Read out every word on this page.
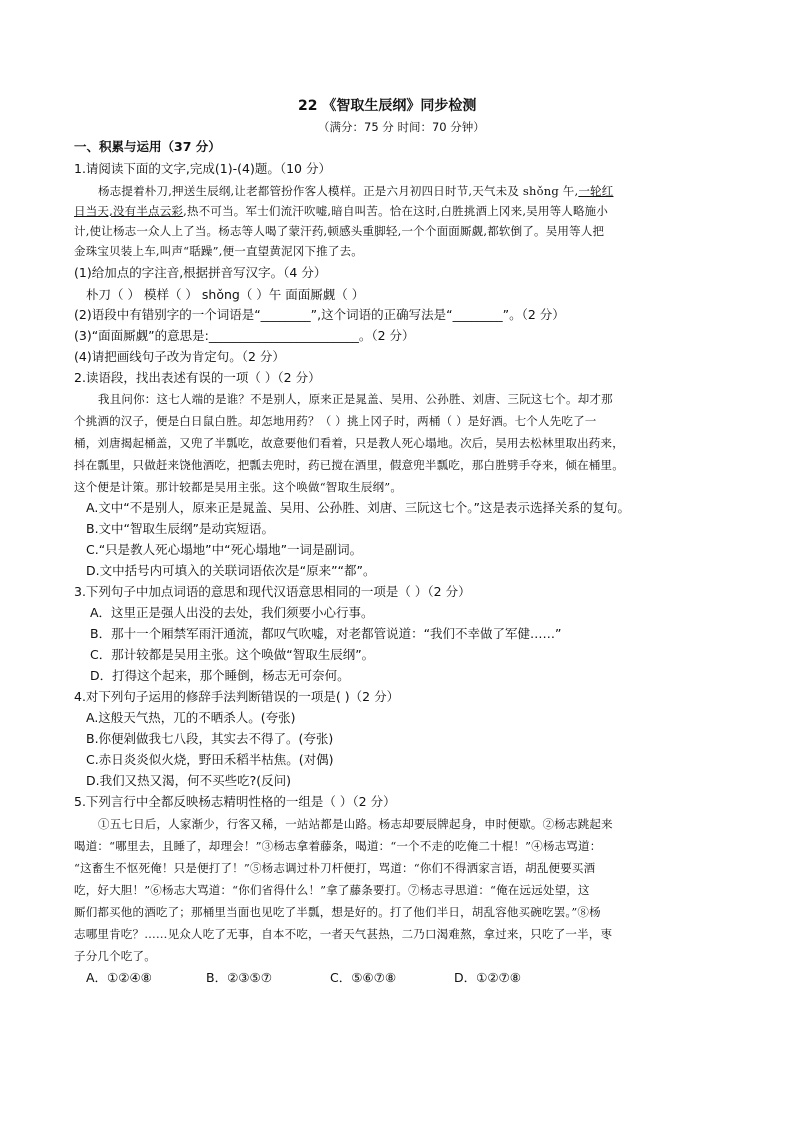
22 《智取生辰纲》同步检测
（满分：75 分 时间：70 分钟）
一、积累与运用（37 分）
1.请阅读下面的文字,完成(1)-(4)题。（10 分）
杨志提着朴刀,押送生辰纲,让老都管扮作客人模样。正是六月初四日时节,天气未及 shǒng 午,一轮红
日当天,没有半点云彩,热不可当。军士们流汗吹嘘,暗自叫苦。恰在这时,白胜挑酒上冈来,吴用等人略施小
计,使让杨志一众人上了当。杨志等人喝了蒙汗药,顿感头重脚轻,一个个面面厮觑,都软倒了。吴用等人把
金珠宝贝装上车,叫声“聒躁”,便一直望黄泥冈下推了去。
(1)给加点的字注音,根据拼音写汉字。（4 分）
朴刀（ ） 模样（ ） shǒng（ ）午 面面厮觑（ ）
(2)语段中有错别字的一个词语是“________”,这个词语的正确写法是“________”。（2 分）
(3)“面面厮觑”的意思是:________________________。（2 分）
(4)请把画线句子改为肯定句。（2 分）
2.读语段，找出表述有误的一项（ ）（2 分）
我且问你：这七人端的是谁？不是别人，原来正是晁盖、吴用、公孙胜、刘唐、三阮这七个。却才那
个挑酒的汉子，便是白日鼠白胜。却怎地用药？（ ）挑上冈子时，两桶（ ）是好酒。七个人先吃了一
桶，刘唐揭起桶盖，又兜了半瓢吃，故意要他们看着，只是教人死心塌地。次后，吴用去松林里取出药来，
抖在瓢里，只做赶来饶他酒吃，把瓢去兜时，药已搅在酒里，假意兜半瓢吃，那白胜劈手夺来，倾在桶里。
这个便是计策。那计较都是吴用主张。这个唤做“智取生辰纲”。
A.文中“不是别人，原来正是晁盖、吴用、公孙胜、刘唐、三阮这七个。”这是表示选择关系的复句。
B.文中“智取生辰纲”是动宾短语。
C.“只是教人死心塌地”中“死心塌地”一词是副词。
D.文中括号内可填入的关联词语依次是“原来”“都”。
3.下列句子中加点词语的意思和现代汉语意思相同的一项是（ ）（2 分）
A．这里正是强人出没的去处，我们须要小心行事。
B．那十一个厢禁军雨汗通流，都叹气吹嘘，对老都管说道：“我们不幸做了军健……”
C．那计较都是吴用主张。这个唤做“智取生辰纲”。
D．打得这个起来，那个睡倒，杨志无可奈何。
4.对下列句子运用的修辞手法判断错误的一项是( )（2 分）
A.这般天气热，兀的不晒杀人。(夸张)
B.你便剁做我七八段，其实去不得了。(夸张)
C.赤日炎炎似火烧，野田禾稻半枯焦。(对偶)
D.我们又热又渴，何不买些吃?(反问)
5.下列言行中全都反映杨志精明性格的一组是（ ）（2 分）
①五七日后，人家渐少，行客又稀，一站站都是山路。杨志却要辰牌起身，申时便歇。②杨志跳起来
喝道：“哪里去，且睡了，却理会！”③杨志拿着藤条，喝道：“一个不走的吃俺二十棍！”④杨志骂道：
“这畜生不怄死俺！只是便打了！”⑤杨志调过朴刀杆便打，骂道：“你们不得洒家言语，胡乱便要买酒
吃，好大胆！”⑥杨志大骂道：“你们省得什么！”拿了藤条要打。⑦杨志寻思道：“俺在远远处望，这
厮们都买他的酒吃了；那桶里当面也见吃了半瓢，想是好的。打了他们半日，胡乱容他买碗吃罢。”⑧杨
志哪里肯吃？……见众人吃了无事，自本不吃，一者天气甚热，二乃口渴难熬，拿过来，只吃了一半，枣
子分几个吃了。
A．①②④⑧	B．②③⑤⑦	C．⑤⑥⑦⑧	D．①②⑦⑧
